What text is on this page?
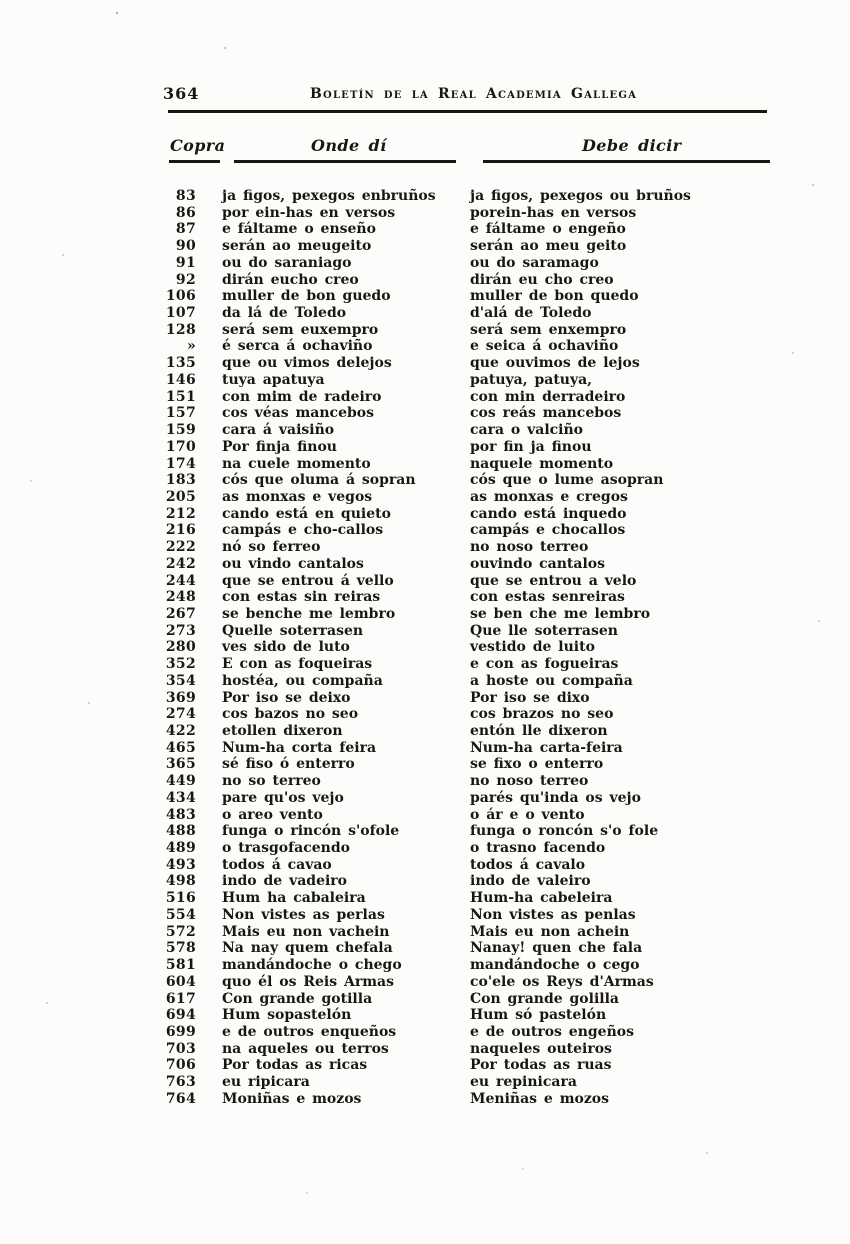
364	Boletín de la Real Academia Gallega
Copra	Onde dí	Debe dicir
83	ja figos, pexegos enbruños	ja figos, pexegos ou bruños
86	por ein-has en versos	porein-has en versos
87	e fáltame o enseño	e fáltame o engeño
90	serán ao meugeito	serán ao meu geito
91	ou do saraniago	ou do saramago
92	dirán eucho creo	dirán eu cho creo
106	muller de bon guedo	muller de bon quedo
107	da lá de Toledo	d'alá de Toledo
128	será sem euxempro	será sem enxempro
»	é serca á ochaviño	e seica á ochaviño
135	que ou vimos delejos	que ouvimos de lejos
146	tuya apatuya	patuya, patuya,
151	con mim de radeiro	con min derradeiro
157	cos véas mancebos	cos reás mancebos
159	cara á vaisiño	cara o valciño
170	Por finja finou	por fin ja finou
174	na cuele momento	naquele momento
183	cós que oluma á sopran	cós que o lume asopran
205	as monxas e vegos	as monxas e cregos
212	cando está en quieto	cando está inquedo
216	campás e cho-callos	campás e chocallos
222	nó so ferreo	no noso terreo
242	ou vindo cantalos	ouvindo cantalos
244	que se entrou á vello	que se entrou a velo
248	con estas sin reiras	con estas senreiras
267	se benche me lembro	se ben che me lembro
273	Quelle soterrasen	Que lle soterrasen
280	ves sido de luto	vestido de luito
352	E con as foqueiras	e con as fogueiras
354	hostéa, ou compaña	a hoste ou compaña
369	Por iso se deixo	Por iso se dixo
274	cos bazos no seo	cos brazos no seo
422	etollen dixeron	entón lle dixeron
465	Num-ha corta feira	Num-ha carta-feira
365	sé fiso ó enterro	se fixo o enterro
449	no so terreo	no noso terreo
434	pare qu'os vejo	parés qu'inda os vejo
483	o areo vento	o ár e o vento
488	funga o rincón s'ofole	funga o roncón s'o fole
489	o trasgofacendo	o trasno facendo
493	todos á cavao	todos á cavalo
498	indo de vadeiro	indo de valeiro
516	Hum ha cabaleira	Hum-ha cabeleira
554	Non vistes as perlas	Non vistes as penlas
572	Mais eu non vachein	Mais eu non achein
578	Na nay quem chefala	Nanay! quen che fala
581	mandándoche o chego	mandándoche o cego
604	quo él os Reis Armas	co'ele os Reys d'Armas
617	Con grande gotilla	Con grande golilla
694	Hum sopastelón	Hum só pastelón
699	e de outros enqueños	e de outros engeños
703	na aqueles ou terros	naqueles outeiros
706	Por todas as ricas	Por todas as ruas
763	eu ripicara	eu repinicara
764	Moniñas e mozos	Meniñas e mozos
